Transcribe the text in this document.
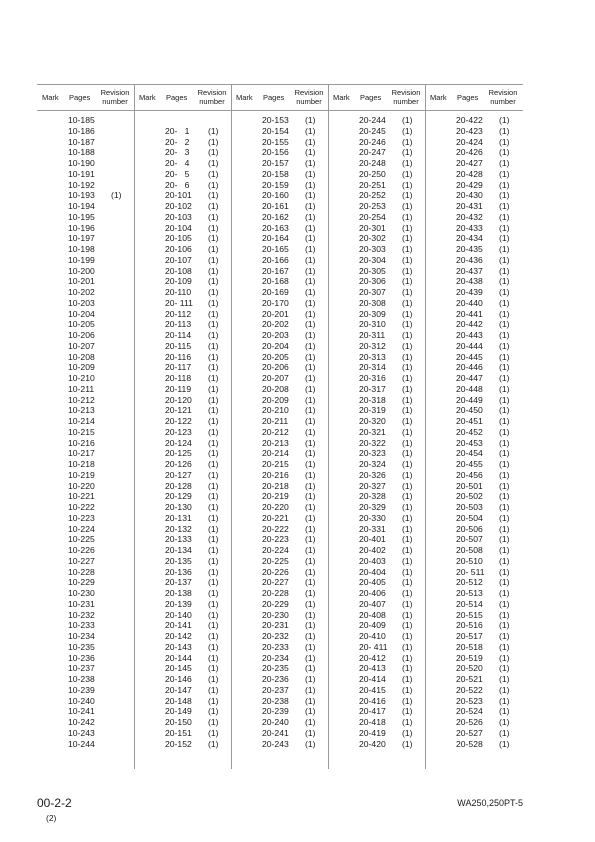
Mark Pages Revision
number Mark Pages Revision
number Mark Pages Revision
number Mark Pages Revision
number Mark Pages Revision
number
10-185
10-186
10-187
10-188
10-190
10-191
10-192
10-193 (1)
10-194
10-195
10-196
10-197
10-198
10-199
10-200
10-201
10-202
10-203
10-204
10-205
10-206
10-207
10-208
10-209
10-210
10-211
10-212
10-213
10-214
10-215
10-216
10-217
10-218
10-219
10-220
10-221
10-222
10-223
10-224
10-225
10-226
10-227
10-228
10-229
10-230
10-231
10-232
10-233
10-234
10-235
10-236
10-237
10-238
10-239
10-240
10-241
10-242
10-243
10-244
20-   1 (1)
20-   2 (1)
20-   3 (1)
20-   4 (1)
20-   5 (1)
20-   6 (1)
20-101 (1)
20-102 (1)
20-103 (1)
20-104 (1)
20-105 (1)
20-106 (1)
20-107 (1)
20-108 (1)
20-109 (1)
20-110 (1)
20- 111 (1)
20-112 (1)
20-113 (1)
20-114 (1)
20-115 (1)
20-116 (1)
20-117 (1)
20-118 (1)
20-119 (1)
20-120 (1)
20-121 (1)
20-122 (1)
20-123 (1)
20-124 (1)
20-125 (1)
20-126 (1)
20-127 (1)
20-128 (1)
20-129 (1)
20-130 (1)
20-131 (1)
20-132 (1)
20-133 (1)
20-134 (1)
20-135 (1)
20-136 (1)
20-137 (1)
20-138 (1)
20-139 (1)
20-140 (1)
20-141 (1)
20-142 (1)
20-143 (1)
20-144 (1)
20-145 (1)
20-146 (1)
20-147 (1)
20-148 (1)
20-149 (1)
20-150 (1)
20-151 (1)
20-152 (1)
20-153 (1)
20-154 (1)
20-155 (1)
20-156 (1)
20-157 (1)
20-158 (1)
20-159 (1)
20-160 (1)
20-161 (1)
20-162 (1)
20-163 (1)
20-164 (1)
20-165 (1)
20-166 (1)
20-167 (1)
20-168 (1)
20-169 (1)
20-170 (1)
20-201 (1)
20-202 (1)
20-203 (1)
20-204 (1)
20-205 (1)
20-206 (1)
20-207 (1)
20-208 (1)
20-209 (1)
20-210 (1)
20-211 (1)
20-212 (1)
20-213 (1)
20-214 (1)
20-215 (1)
20-216 (1)
20-218 (1)
20-219 (1)
20-220 (1)
20-221 (1)
20-222 (1)
20-223 (1)
20-224 (1)
20-225 (1)
20-226 (1)
20-227 (1)
20-228 (1)
20-229 (1)
20-230 (1)
20-231 (1)
20-232 (1)
20-233 (1)
20-234 (1)
20-235 (1)
20-236 (1)
20-237 (1)
20-238 (1)
20-239 (1)
20-240 (1)
20-241 (1)
20-243 (1)
20-244 (1)
20-245 (1)
20-246 (1)
20-247 (1)
20-248 (1)
20-250 (1)
20-251 (1)
20-252 (1)
20-253 (1)
20-254 (1)
20-301 (1)
20-302 (1)
20-303 (1)
20-304 (1)
20-305 (1)
20-306 (1)
20-307 (1)
20-308 (1)
20-309 (1)
20-310 (1)
20-311 (1)
20-312 (1)
20-313 (1)
20-314 (1)
20-316 (1)
20-317 (1)
20-318 (1)
20-319 (1)
20-320 (1)
20-321 (1)
20-322 (1)
20-323 (1)
20-324 (1)
20-326 (1)
20-327 (1)
20-328 (1)
20-329 (1)
20-330 (1)
20-331 (1)
20-401 (1)
20-402 (1)
20-403 (1)
20-404 (1)
20-405 (1)
20-406 (1)
20-407 (1)
20-408 (1)
20-409 (1)
20-410 (1)
20- 411 (1)
20-412 (1)
20-413 (1)
20-414 (1)
20-415 (1)
20-416 (1)
20-417 (1)
20-418 (1)
20-419 (1)
20-420 (1)
20-422 (1)
20-423 (1)
20-424 (1)
20-426 (1)
20-427 (1)
20-428 (1)
20-429 (1)
20-430 (1)
20-431 (1)
20-432 (1)
20-433 (1)
20-434 (1)
20-435 (1)
20-436 (1)
20-437 (1)
20-438 (1)
20-439 (1)
20-440 (1)
20-441 (1)
20-442 (1)
20-443 (1)
20-444 (1)
20-445 (1)
20-446 (1)
20-447 (1)
20-448 (1)
20-449 (1)
20-450 (1)
20-451 (1)
20-452 (1)
20-453 (1)
20-454 (1)
20-455 (1)
20-456 (1)
20-501 (1)
20-502 (1)
20-503 (1)
20-504 (1)
20-506 (1)
20-507 (1)
20-508 (1)
20-510 (1)
20- 511 (1)
20-512 (1)
20-513 (1)
20-514 (1)
20-515 (1)
20-516 (1)
20-517 (1)
20-518 (1)
20-519 (1)
20-520 (1)
20-521 (1)
20-522 (1)
20-523 (1)
20-524 (1)
20-526 (1)
20-527 (1)
20-528 (1)
00-2-2
(2)
WA250,250PT-5
